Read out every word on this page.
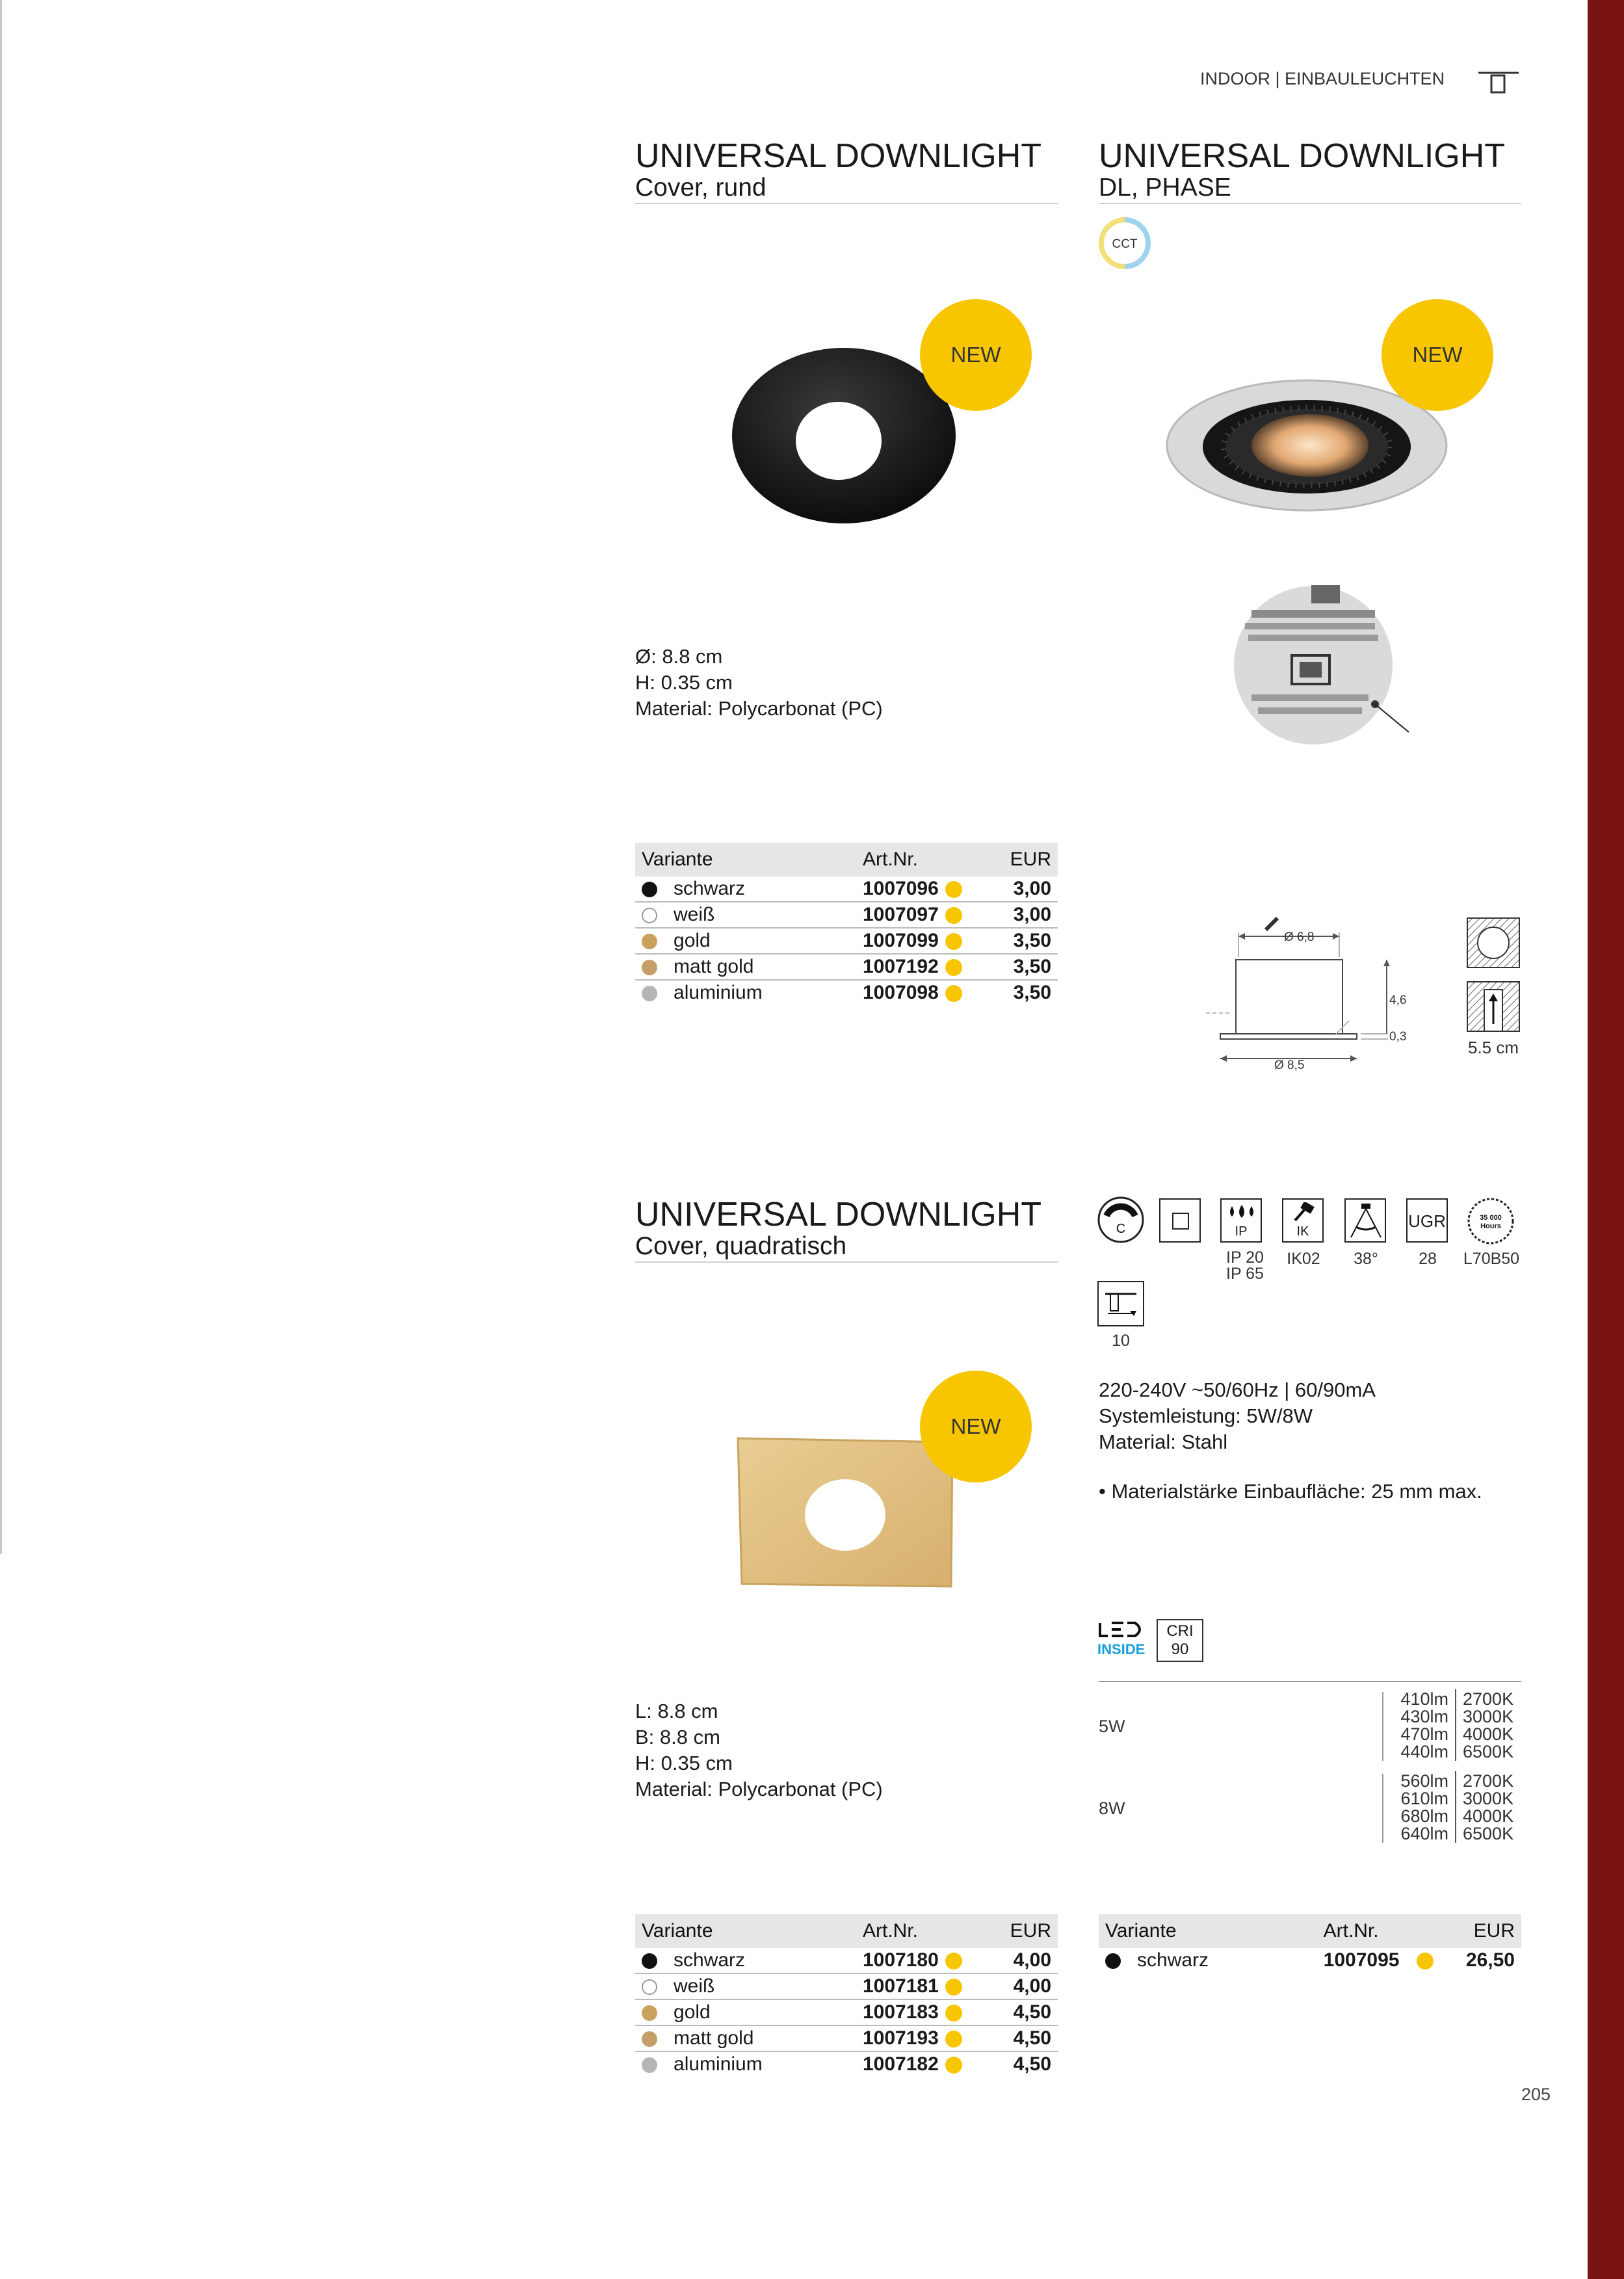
INDOOR | EINBAULEUCHTEN
UNIVERSAL DOWNLIGHT
Cover, rund
NEW
Ø: 8.8 cm
H: 0.35 cm
Material: Polycarbonat (PC)
Variante	Art.Nr.	EUR
schwarz	1007096	3,00
weiß	1007097	3,00
gold	1007099	3,50
matt gold	1007192	3,50
aluminium	1007098	3,50
UNIVERSAL DOWNLIGHT
DL, PHASE
CCT
NEW
Ø 6,8
4,6
0,3
Ø 8,5
5.5 cm
C	IP	IK
UGR	35 000
Hours
IP 20
IP 65
IK02	38°	28	L70B50
10
220-240V ~50/60Hz | 60/90mA
Systemleistung: 5W/8W
Material: Stahl
• Materialstärke Einbaufläche: 25 mm max.
INSIDE
CRI
90
5W
410lm 2700K
430lm 3000K
470lm 4000K
440lm 6500K
8W
560lm 2700K
610lm 3000K
680lm 4000K
640lm 6500K
Variante	Art.Nr.	EUR
schwarz	1007095	26,50
UNIVERSAL DOWNLIGHT
Cover, quadratisch
NEW
L: 8.8 cm
B: 8.8 cm
H: 0.35 cm
Material: Polycarbonat (PC)
Variante	Art.Nr.	EUR
schwarz	1007180	4,00
weiß	1007181	4,00
gold	1007183	4,50
matt gold	1007193	4,50
aluminium	1007182	4,50
205
